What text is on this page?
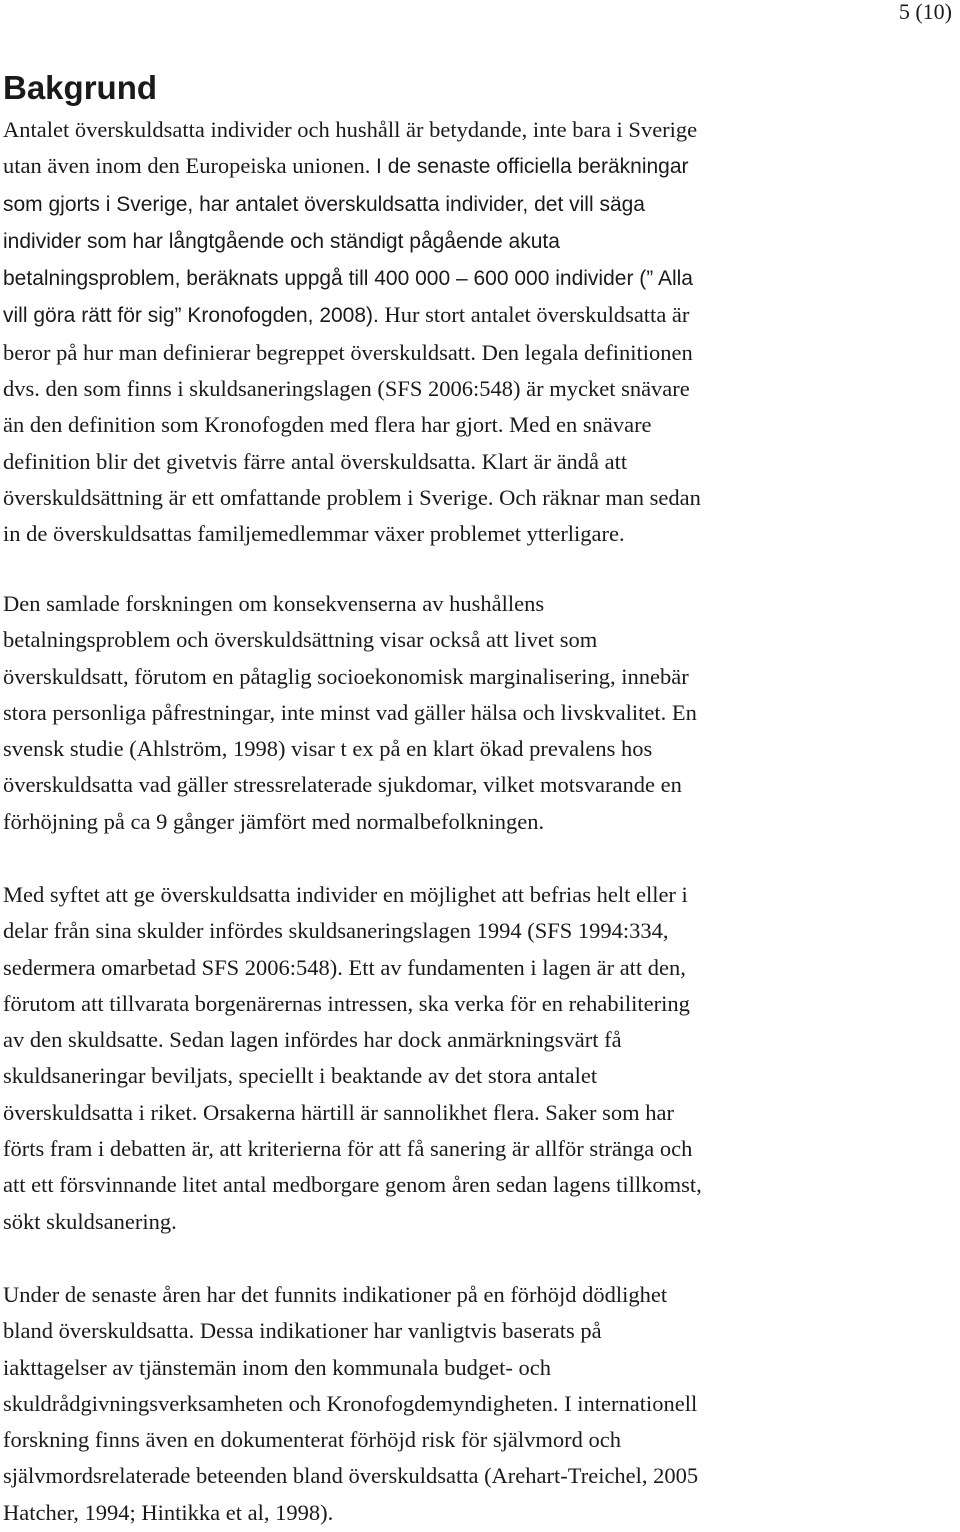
5 (10)
Bakgrund

Antalet överskuldsatta individer och hushåll är betydande, inte bara i Sverige
utan även inom den Europeiska unionen. I de senaste officiella beräkningar
som gjorts i Sverige, har antalet överskuldsatta individer, det vill säga
individer som har långtgående och ständigt pågående akuta
betalningsproblem, beräknats uppgå till 400 000 – 600 000 individer (” Alla
vill göra rätt för sig” Kronofogden, 2008). Hur stort antalet överskuldsatta är
beror på hur man definierar begreppet överskuldsatt. Den legala definitionen
dvs. den som finns i skuldsaneringslagen (SFS 2006:548) är mycket snävare
än den definition som Kronofogden med flera har gjort. Med en snävare
definition blir det givetvis färre antal överskuldsatta. Klart är ändå att
överskuldsättning är ett omfattande problem i Sverige. Och räknar man sedan
in de överskuldsattas familjemedlemmar växer problemet ytterligare.

Den samlade forskningen om konsekvenserna av hushållens
betalningsproblem och överskuldsättning visar också att livet som
överskuldsatt, förutom en påtaglig socioekonomisk marginalisering, innebär
stora personliga påfrestningar, inte minst vad gäller hälsa och livskvalitet. En
svensk studie (Ahlström, 1998) visar t ex på en klart ökad prevalens hos
överskuldsatta vad gäller stressrelaterade sjukdomar, vilket motsvarande en
förhöjning på ca 9 gånger jämfört med normalbefolkningen.

Med syftet att ge överskuldsatta individer en möjlighet att befrias helt eller i
delar från sina skulder infördes skuldsaneringslagen 1994 (SFS 1994:334,
sedermera omarbetad SFS 2006:548). Ett av fundamenten i lagen är att den,
förutom att tillvarata borgenärernas intressen, ska verka för en rehabilitering
av den skuldsatte. Sedan lagen infördes har dock anmärkningsvärt få
skuldsaneringar beviljats, speciellt i beaktande av det stora antalet
överskuldsatta i riket. Orsakerna härtill är sannolikhet flera. Saker som har
förts fram i debatten är, att kriterierna för att få sanering är allför stränga och
att ett försvinnande litet antal medborgare genom åren sedan lagens tillkomst,
sökt skuldsanering.

Under de senaste åren har det funnits indikationer på en förhöjd dödlighet
bland överskuldsatta. Dessa indikationer har vanligtvis baserats på
iakttagelser av tjänstemän inom den kommunala budget- och
skuldrådgivningsverksamheten och Kronofogdemyndigheten. I internationell
forskning finns även en dokumenterat förhöjd risk för självmord och
självmordsrelaterade beteenden bland överskuldsatta (Arehart-Treichel, 2005
Hatcher, 1994; Hintikka et al, 1998).
